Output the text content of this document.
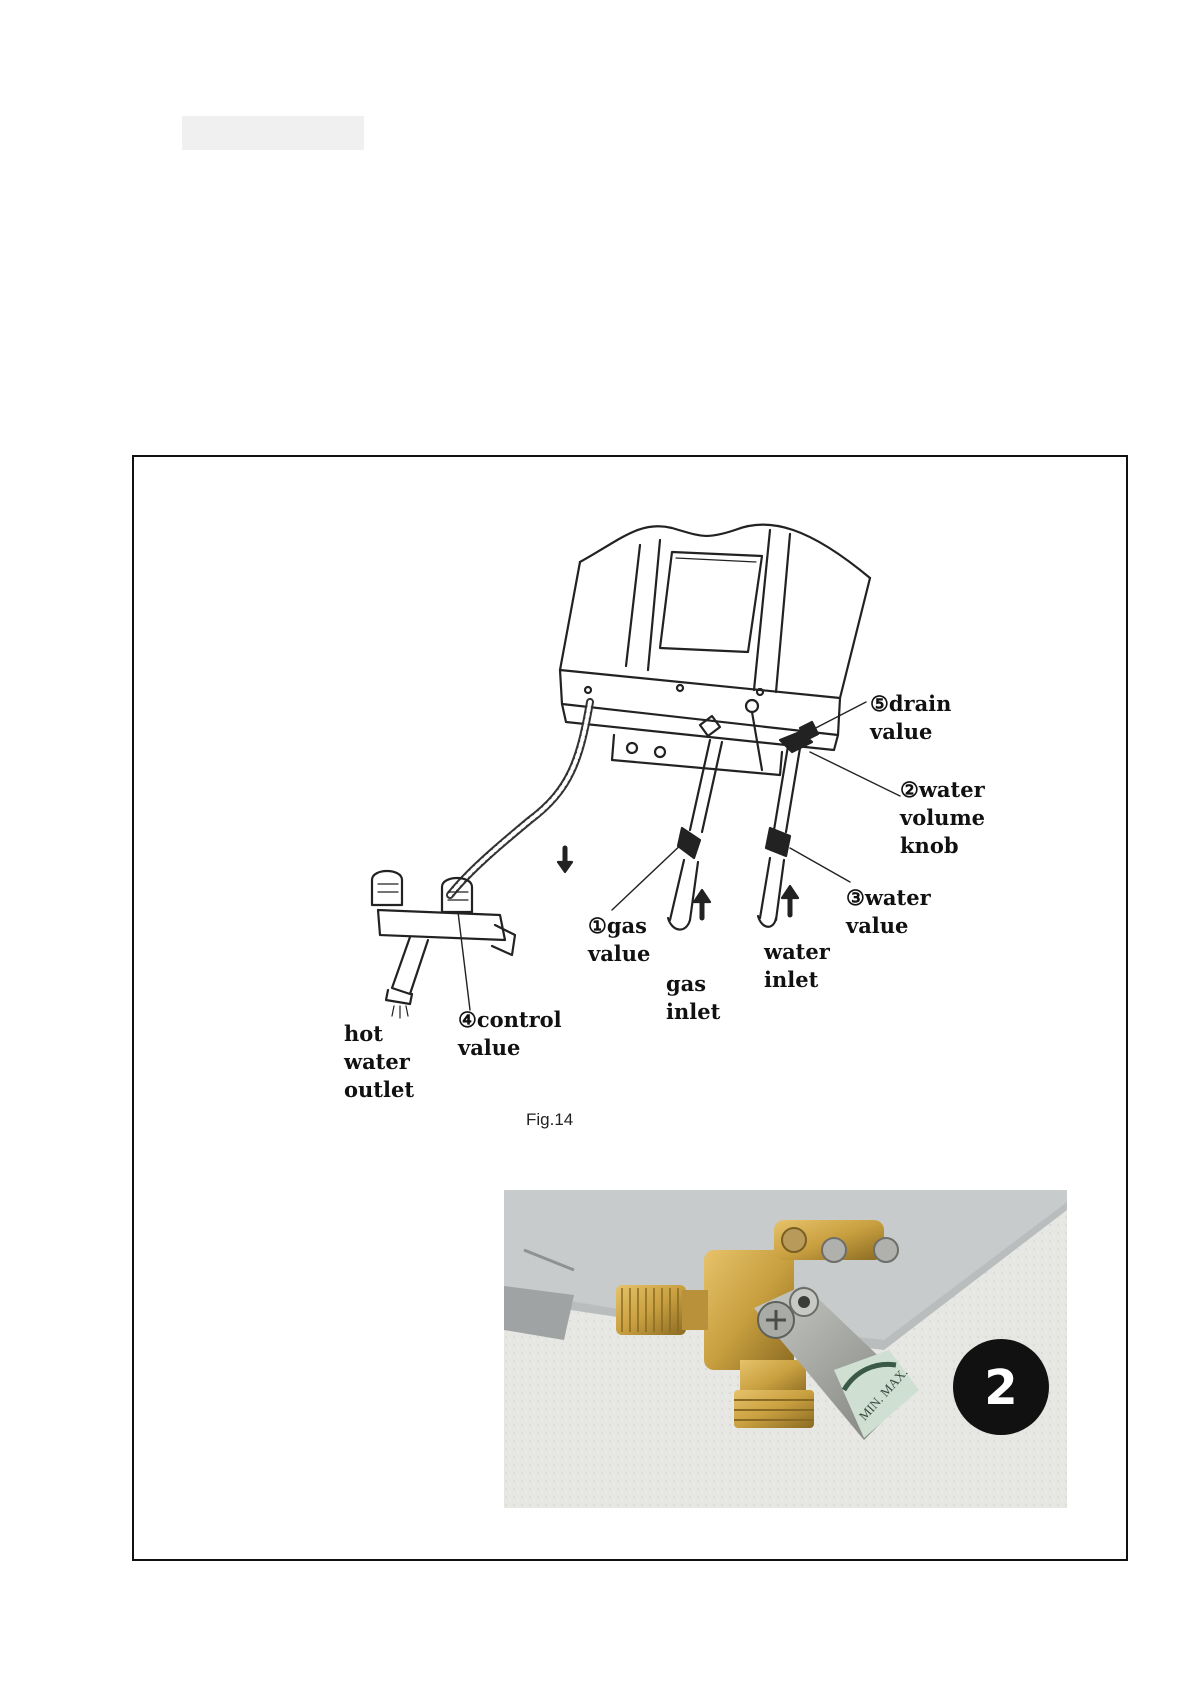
⑤drain
value
②water
volume
knob
③water
value
①gas
value	water
inlet
gas
inlet
④control
value
hot
water
outlet
Fig.14
MIN. MAX. 2
